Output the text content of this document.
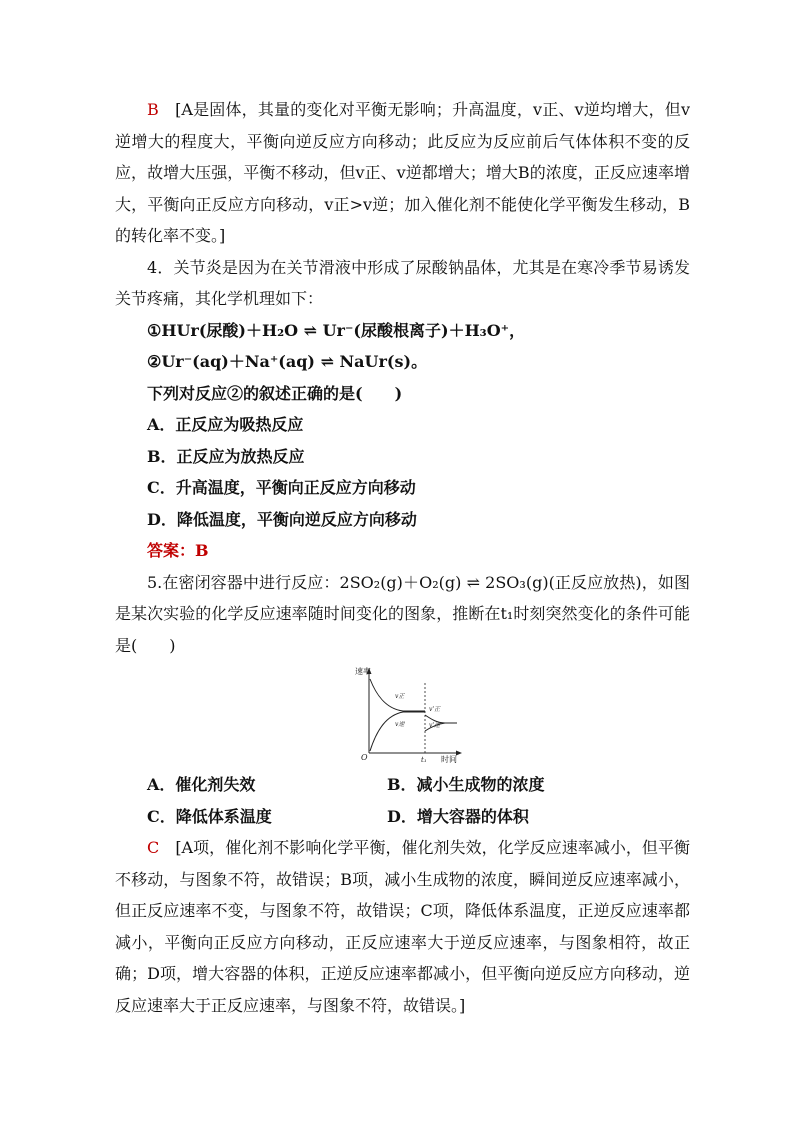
B　 [A是固体，其量的变化对平衡无影响；升高温度，v正、v逆均增大，但v逆增大的程度大，平衡向逆反应方向移动；此反应为反应前后气体体积不变的反应，故增大压强，平衡不移动，但v正、v逆都增大；增大B的浓度，正反应速率增大，平衡向正反应方向移动，v正>v逆；加入催化剂不能使化学平衡发生移动，B的转化率不变。]

4．关节炎是因为在关节滑液中形成了尿酸钠晶体，尤其是在寒冷季节易诱发关节疼痛，其化学机理如下：

①HUr(尿酸)＋H₂O ⇌ Ur⁻(尿酸根离子)＋H₃O⁺，
②Ur⁻(aq)＋Na⁺(aq) ⇌ NaUr(s)。
下列对反应②的叙述正确的是(　　)
A．正反应为吸热反应
B．正反应为放热反应
C．升高温度，平衡向正反应方向移动
D．降低温度，平衡向逆反应方向移动
答案：B

5.在密闭容器中进行反应：2SO₂(g)＋O₂(g) ⇌ 2SO₃(g)(正反应放热)，如图是某次实验的化学反应速率随时间变化的图象，推断在t₁时刻突然变化的条件可能是(　　)

速率
时间
O	t₁
v正
v逆
v'正
v'逆
A．催化剂失效	B．减小生成物的浓度
C．降低体系温度	D．增大容器的体积

C　 [A项，催化剂不影响化学平衡，催化剂失效，化学反应速率减小，但平衡不移动，与图象不符，故错误；B项，减小生成物的浓度，瞬间逆反应速率减小，但正反应速率不变，与图象不符，故错误；C项，降低体系温度，正逆反应速率都减小，平衡向正反应方向移动，正反应速率大于逆反应速率，与图象相符，故正确；D项，增大容器的体积，正逆反应速率都减小，但平衡向逆反应方向移动，逆反应速率大于正反应速率，与图象不符，故错误。]
